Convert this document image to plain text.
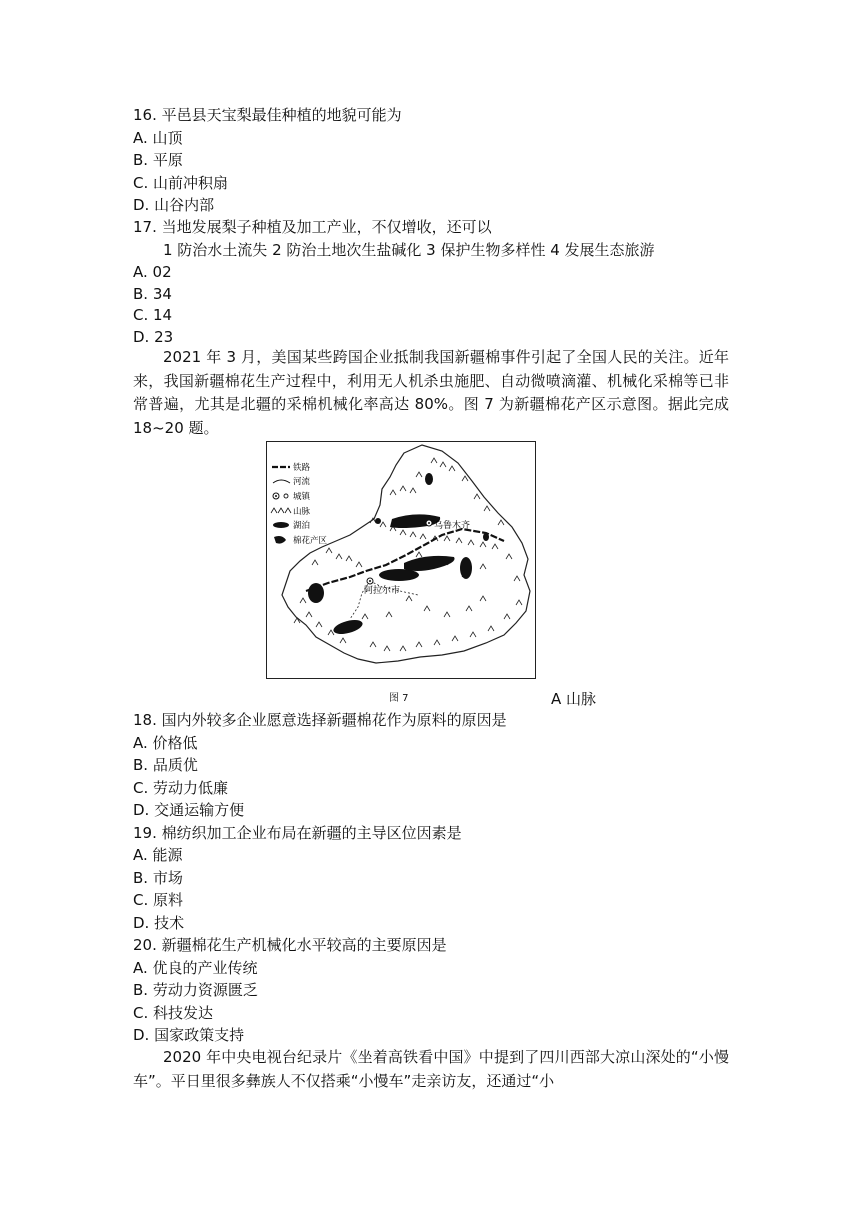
16. 平邑县天宝梨最佳种植的地貌可能为
A. 山顶
B. 平原
C. 山前冲积扇
D. 山谷内部
17. 当地发展梨子种植及加工产业，不仅增收，还可以
1 防治水土流失 2 防治土地次生盐碱化 3 保护生物多样性 4 发展生态旅游
A. 02
B. 34
C. 14
D. 23
2021 年 3 月，美国某些跨国企业抵制我国新疆棉事件引起了全国人民的关注。近年来，我国新疆棉花生产过程中，利用无人机杀虫施肥、自动微喷滴灌、机械化采棉等已非常普遍，尤其是北疆的采棉机械化率高达 80%。图 7 为新疆棉花产区示意图。据此完成 18~20 题。
乌鲁木齐
阿拉尔市
铁路
河流
城镇
山脉
湖泊
棉花产区
图 7	A 山脉
18. 国内外较多企业愿意选择新疆棉花作为原料的原因是
A. 价格低
B. 品质优
C. 劳动力低廉
D. 交通运输方便
19. 棉纺织加工企业布局在新疆的主导区位因素是
A. 能源
B. 市场
C. 原料
D. 技术
20. 新疆棉花生产机械化水平较高的主要原因是
A. 优良的产业传统
B. 劳动力资源匮乏
C. 科技发达
D. 国家政策支持
2020 年中央电视台纪录片《坐着高铁看中国》中提到了四川西部大凉山深处的“小慢车”。平日里很多彝族人不仅搭乘“小慢车”走亲访友，还通过“小
